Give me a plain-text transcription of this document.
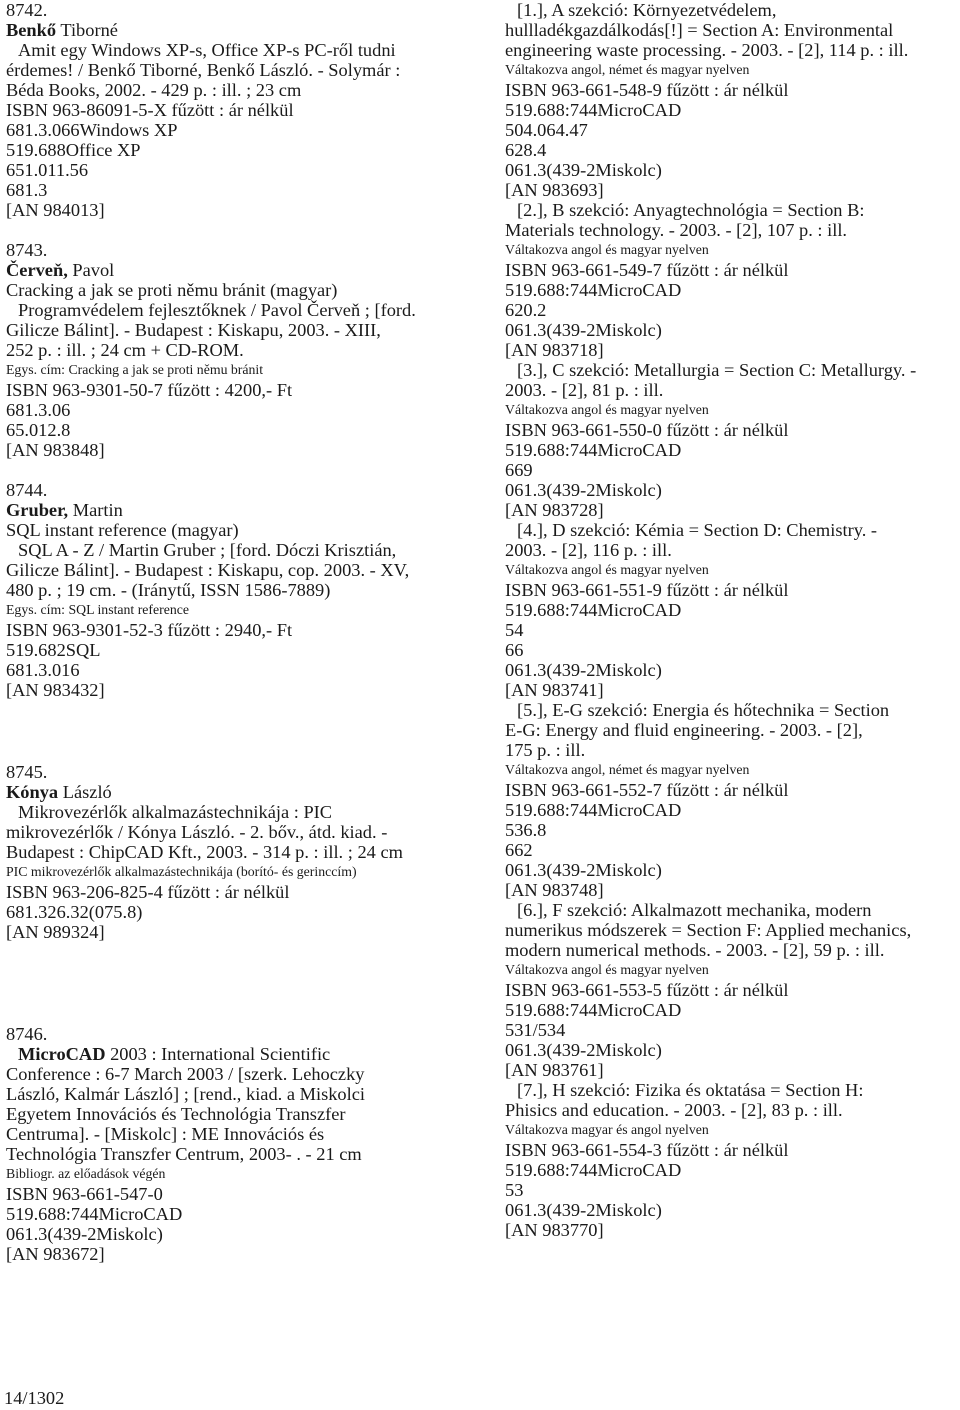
8742.
Benkő Tiborné
Amit egy Windows XP-s, Office XP-s PC-ről tudni
érdemes! / Benkő Tiborné, Benkő László. - Solymár :
Béda Books, 2002. - 429 p. : ill. ; 23 cm
ISBN 963-86091-5-X fűzött : ár nélkül
681.3.066Windows XP
519.688Office XP
651.011.56
681.3
[AN 984013]
8743.
Červeň, Pavol
Cracking a jak se proti němu bránit (magyar)
Programvédelem fejlesztőknek / Pavol Červeň ; [ford.
Gilicze Bálint]. - Budapest : Kiskapu, 2003. - XIII,
252 p. : ill. ; 24 cm + CD-ROM.
Egys. cím: Cracking a jak se proti němu bránit
ISBN 963-9301-50-7 fűzött : 4200,- Ft
681.3.06
65.012.8
[AN 983848]
8744.
Gruber, Martin
SQL instant reference (magyar)
SQL A - Z / Martin Gruber ; [ford. Dóczi Krisztián,
Gilicze Bálint]. - Budapest : Kiskapu, cop. 2003. - XV,
480 p. ; 19 cm. - (Iránytű, ISSN 1586-7889)
Egys. cím: SQL instant reference
ISBN 963-9301-52-3 fűzött : 2940,- Ft
519.682SQL
681.3.016
[AN 983432]
8745.
Kónya László
Mikrovezérlők alkalmazástechnikája : PIC
mikrovezérlők / Kónya László. - 2. bőv., átd. kiad. -
Budapest : ChipCAD Kft., 2003. - 314 p. : ill. ; 24 cm
PIC mikrovezérlők alkalmazástechnikája (borító- és gerinccím)
ISBN 963-206-825-4 fűzött : ár nélkül
681.326.32(075.8)
[AN 989324]
8746.
MicroCAD 2003 : International Scientific
Conference : 6-7 March 2003 / [szerk. Lehoczky
László, Kalmár László] ; [rend., kiad. a Miskolci
Egyetem Innovációs és Technológia Transzfer
Centruma]. - [Miskolc] : ME Innovációs és
Technológia Transzfer Centrum, 2003- . - 21 cm
Bibliogr. az előadások végén
ISBN 963-661-547-0
519.688:744MicroCAD
061.3(439-2Miskolc)
[AN 983672]
[1.], A szekció: Környezetvédelem,
hullladékgazdálkodás[!] = Section A: Environmental
engineering waste processing. - 2003. - [2], 114 p. : ill.
Váltakozva angol, német és magyar nyelven
ISBN 963-661-548-9 fűzött : ár nélkül
519.688:744MicroCAD
504.064.47
628.4
061.3(439-2Miskolc)
[AN 983693]
[2.], B szekció: Anyagtechnológia = Section B:
Materials technology. - 2003. - [2], 107 p. : ill.
Váltakozva angol és magyar nyelven
ISBN 963-661-549-7 fűzött : ár nélkül
519.688:744MicroCAD
620.2
061.3(439-2Miskolc)
[AN 983718]
[3.], C szekció: Metallurgia = Section C: Metallurgy. -
2003. - [2], 81 p. : ill.
Váltakozva angol és magyar nyelven
ISBN 963-661-550-0 fűzött : ár nélkül
519.688:744MicroCAD
669
061.3(439-2Miskolc)
[AN 983728]
[4.], D szekció: Kémia = Section D: Chemistry. -
2003. - [2], 116 p. : ill.
Váltakozva angol és magyar nyelven
ISBN 963-661-551-9 fűzött : ár nélkül
519.688:744MicroCAD
54
66
061.3(439-2Miskolc)
[AN 983741]
[5.], E-G szekció: Energia és hőtechnika = Section
E-G: Energy and fluid engineering. - 2003. - [2],
175 p. : ill.
Váltakozva angol, német és magyar nyelven
ISBN 963-661-552-7 fűzött : ár nélkül
519.688:744MicroCAD
536.8
662
061.3(439-2Miskolc)
[AN 983748]
[6.], F szekció: Alkalmazott mechanika, modern
numerikus módszerek = Section F: Applied mechanics,
modern numerical methods. - 2003. - [2], 59 p. : ill.
Váltakozva angol és magyar nyelven
ISBN 963-661-553-5 fűzött : ár nélkül
519.688:744MicroCAD
531/534
061.3(439-2Miskolc)
[AN 983761]
[7.], H szekció: Fizika és oktatása = Section H:
Phisics and education. - 2003. - [2], 83 p. : ill.
Váltakozva magyar és angol nyelven
ISBN 963-661-554-3 fűzött : ár nélkül
519.688:744MicroCAD
53
061.3(439-2Miskolc)
[AN 983770]
14/1302
